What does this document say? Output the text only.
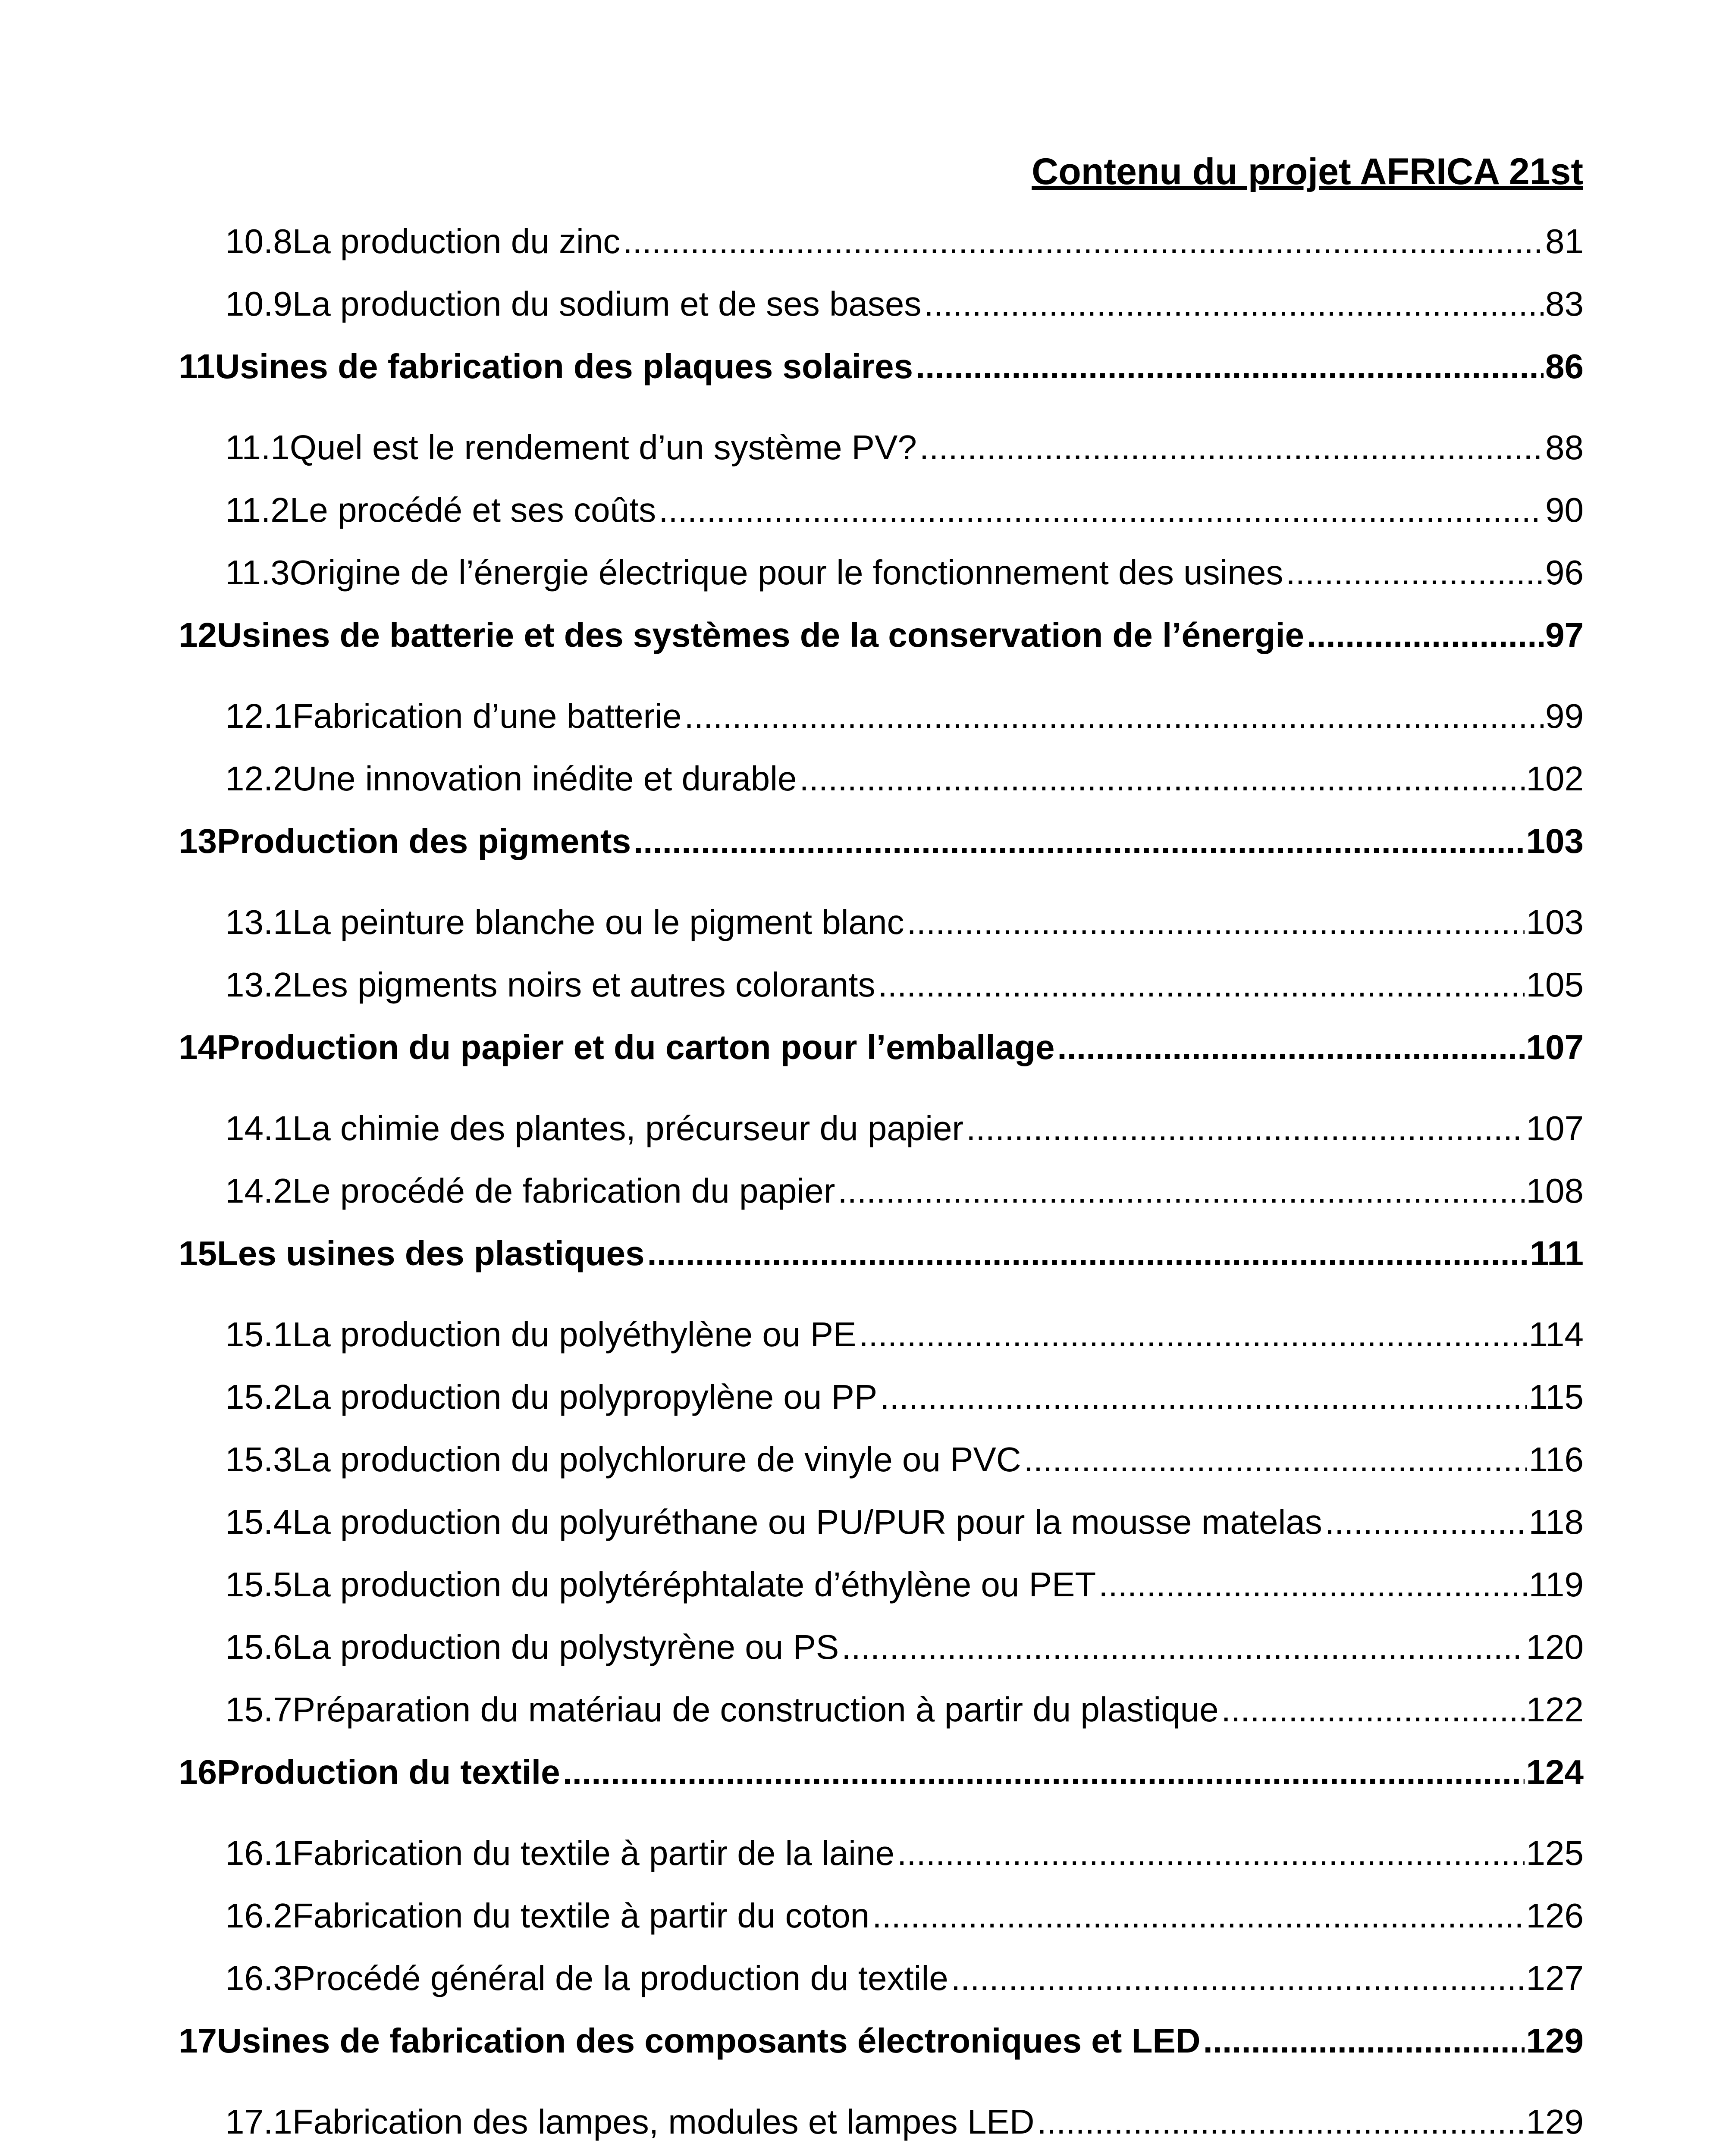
Contenu du projet AFRICA 21st
10.8 La production du zinc .....	81
10.9 La production du sodium et de ses bases .....	83
11 Usines de fabrication des plaques solaires .....	86
11.1 Quel est le rendement d’un système PV? .....	88
11.2 Le procédé et ses coûts .....	90
11.3 Origine de l’énergie électrique pour le fonctionnement des usines .....	96
12 Usines de batterie et des systèmes de la conservation de l’énergie .....	97
12.1 Fabrication d’une batterie .....	99
12.2 Une innovation inédite et durable .....	102
13 Production des pigments .....	103
13.1 La peinture blanche ou le pigment blanc .....	103
13.2 Les pigments noirs et autres colorants .....	105
14 Production du papier et du carton pour l’emballage .....	107
14.1 La chimie des plantes, précurseur du papier .....	107
14.2 Le procédé de fabrication du papier .....	108
15 Les usines des plastiques .....	111
15.1 La production du polyéthylène ou PE .....	114
15.2 La production du polypropylène ou PP .....	115
15.3 La production du polychlorure de vinyle ou PVC .....	116
15.4 La production du polyuréthane ou PU/PUR pour la mousse matelas .....	118
15.5 La production du polytéréphtalate d’éthylène ou PET .....	119
15.6 La production du polystyrène ou PS .....	120
15.7 Préparation du matériau de construction à partir du plastique .....	122
16 Production du textile .....	124
16.1 Fabrication du textile à partir de la laine .....	125
16.2 Fabrication du textile à partir du coton .....	126
16.3 Procédé général de la production du textile .....	127
17 Usines de fabrication des composants électroniques et LED .....	129
17.1 Fabrication des lampes, modules et lampes LED .....	129
